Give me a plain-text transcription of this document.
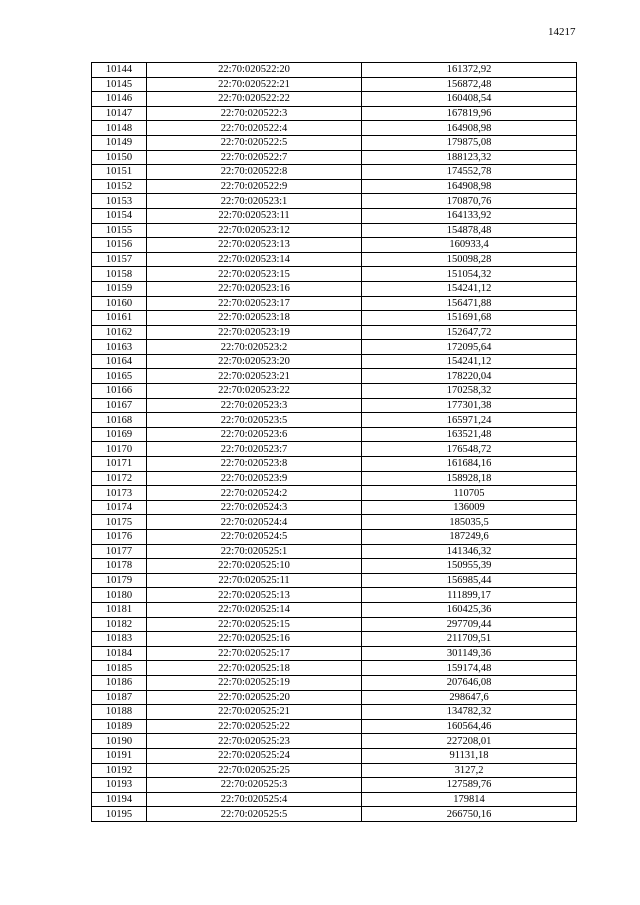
14217
10144	22:70:020522:20	161372,92
10145	22:70:020522:21	156872,48
10146	22:70:020522:22	160408,54
10147	22:70:020522:3	167819,96
10148	22:70:020522:4	164908,98
10149	22:70:020522:5	179875,08
10150	22:70:020522:7	188123,32
10151	22:70:020522:8	174552,78
10152	22:70:020522:9	164908,98
10153	22:70:020523:1	170870,76
10154	22:70:020523:11	164133,92
10155	22:70:020523:12	154878,48
10156	22:70:020523:13	160933,4
10157	22:70:020523:14	150098,28
10158	22:70:020523:15	151054,32
10159	22:70:020523:16	154241,12
10160	22:70:020523:17	156471,88
10161	22:70:020523:18	151691,68
10162	22:70:020523:19	152647,72
10163	22:70:020523:2	172095,64
10164	22:70:020523:20	154241,12
10165	22:70:020523:21	178220,04
10166	22:70:020523:22	170258,32
10167	22:70:020523:3	177301,38
10168	22:70:020523:5	165971,24
10169	22:70:020523:6	163521,48
10170	22:70:020523:7	176548,72
10171	22:70:020523:8	161684,16
10172	22:70:020523:9	158928,18
10173	22:70:020524:2	110705
10174	22:70:020524:3	136009
10175	22:70:020524:4	185035,5
10176	22:70:020524:5	187249,6
10177	22:70:020525:1	141346,32
10178	22:70:020525:10	150955,39
10179	22:70:020525:11	156985,44
10180	22:70:020525:13	111899,17
10181	22:70:020525:14	160425,36
10182	22:70:020525:15	297709,44
10183	22:70:020525:16	211709,51
10184	22:70:020525:17	301149,36
10185	22:70:020525:18	159174,48
10186	22:70:020525:19	207646,08
10187	22:70:020525:20	298647,6
10188	22:70:020525:21	134782,32
10189	22:70:020525:22	160564,46
10190	22:70:020525:23	227208,01
10191	22:70:020525:24	91131,18
10192	22:70:020525:25	3127,2
10193	22:70:020525:3	127589,76
10194	22:70:020525:4	179814
10195	22:70:020525:5	266750,16
